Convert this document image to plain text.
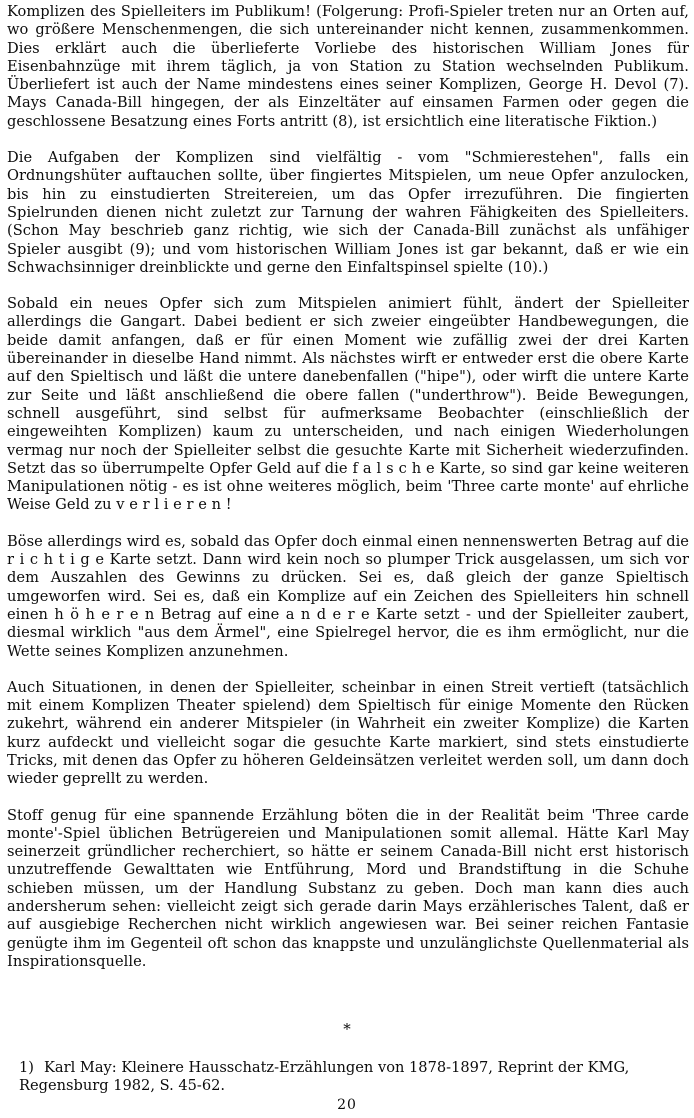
Komplizen des Spielleiters im Publikum! (Folgerung: Profi-Spieler treten nur an Orten auf, wo größere Menschenmengen, die sich untereinander nicht kennen, zusammenkommen. Dies erklärt auch die überlieferte Vorliebe des historischen William Jones für Eisenbahnzüge mit ihrem täglich, ja von Station zu Station wechselnden Publikum. Überliefert ist auch der Name mindestens eines seiner Komplizen, George H. Devol (7). Mays Canada-Bill hingegen, der als Einzeltäter auf einsamen Farmen oder gegen die geschlossene Besatzung eines Forts antritt (8), ist ersichtlich eine literatische Fiktion.)

Die Aufgaben der Komplizen sind vielfältig - vom "Schmierestehen", falls ein Ordnungshüter auftauchen sollte, über fingiertes Mitspielen, um neue Opfer anzulocken, bis hin zu einstudierten Streitereien, um das Opfer irrezuführen. Die fingierten Spielrunden dienen nicht zuletzt zur Tarnung der wahren Fähigkeiten des Spielleiters. (Schon May beschrieb ganz richtig, wie sich der Canada-Bill zunächst als unfähiger Spieler ausgibt (9); und vom historischen William Jones ist gar bekannt, daß er wie ein Schwachsinniger dreinblickte und gerne den Einfaltspinsel spielte (10).)

Sobald ein neues Opfer sich zum Mitspielen animiert fühlt, ändert der Spielleiter allerdings die Gangart. Dabei bedient er sich zweier eingeübter Handbewegungen, die beide damit anfangen, daß er für einen Moment wie zufällig zwei der drei Karten übereinander in dieselbe Hand nimmt. Als nächstes wirft er entweder erst die obere Karte auf den Spieltisch und läßt die untere danebenfallen ("hipe"), oder wirft die untere Karte zur Seite und läßt anschließend die obere fallen ("underthrow"). Beide Bewegungen, schnell ausgeführt, sind selbst für aufmerksame Beobachter (einschließlich der eingeweihten Komplizen) kaum zu unterscheiden, und nach einigen Wiederholungen vermag nur noch der Spielleiter selbst die gesuchte Karte mit Sicherheit wiederzufinden. Setzt das so überrumpelte Opfer Geld auf die f a l s c h e Karte, so sind gar keine weiteren Manipulationen nötig - es ist ohne weiteres möglich, beim 'Three carte monte' auf ehrliche Weise Geld zu v e r l i e r e n !

Böse allerdings wird es, sobald das Opfer doch einmal einen nennenswerten Betrag auf die r i c h t i g e Karte setzt. Dann wird kein noch so plumper Trick ausgelassen, um sich vor dem Auszahlen des Gewinns zu drücken. Sei es, daß gleich der ganze Spieltisch umgeworfen wird. Sei es, daß ein Komplize auf ein Zeichen des Spielleiters hin schnell einen h ö h e r e n Betrag auf eine a n d e r e Karte setzt - und der Spielleiter zaubert, diesmal wirklich "aus dem Ärmel", eine Spielregel hervor, die es ihm ermöglicht, nur die Wette seines Komplizen anzunehmen.

Auch Situationen, in denen der Spielleiter, scheinbar in einen Streit vertieft (tatsächlich mit einem Komplizen Theater spielend) dem Spieltisch für einige Momente den Rücken zukehrt, während ein anderer Mitspieler (in Wahrheit ein zweiter Komplize) die Karten kurz aufdeckt und vielleicht sogar die gesuchte Karte markiert, sind stets einstudierte Tricks, mit denen das Opfer zu höheren Geldeinsätzen verleitet werden soll, um dann doch wieder geprellt zu werden.

Stoff genug für eine spannende Erzählung böten die in der Realität beim 'Three carde monte'-Spiel üblichen Betrügereien und Manipulationen somit allemal. Hätte Karl May seinerzeit gründlicher recherchiert, so hätte er seinem Canada-Bill nicht erst historisch unzutreffende Gewalttaten wie Entführung, Mord und Brandstiftung in die Schuhe schieben müssen, um der Handlung Substanz zu geben. Doch man kann dies auch andersherum sehen: vielleicht zeigt sich gerade darin Mays erzählerisches Talent, daß er auf ausgiebige Recherchen nicht wirklich angewiesen war. Bei seiner reichen Fantasie genügte ihm im Gegenteil oft schon das knappste und unzulänglichste Quellenmaterial als Inspirationsquelle.

*
1) Karl May: Kleinere Hausschatz-Erzählungen von 1878-1897, Reprint der KMG, Regensburg 1982, S. 45-62.
20
